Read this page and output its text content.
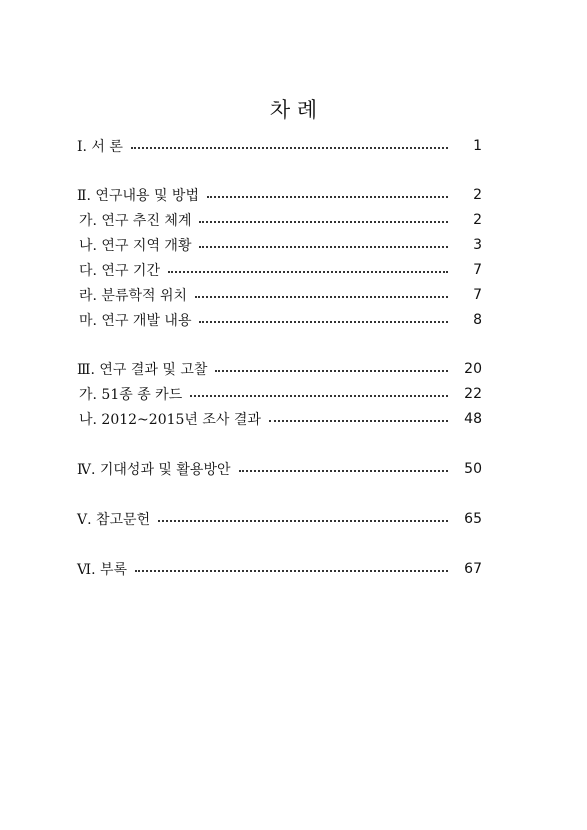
차 례
Ⅰ. 서 론	1
Ⅱ. 연구내용 및 방법	2
가. 연구 추진 체계	2
나. 연구 지역 개황	3
다. 연구 기간	7
라. 분류학적 위치	7
마. 연구 개발 내용	8
Ⅲ. 연구 결과 및 고찰	20
가. 51종 종 카드	22
나. 2012~2015년 조사 결과	48
Ⅳ. 기대성과 및 활용방안	50
Ⅴ. 참고문헌	65
Ⅵ. 부록	67
